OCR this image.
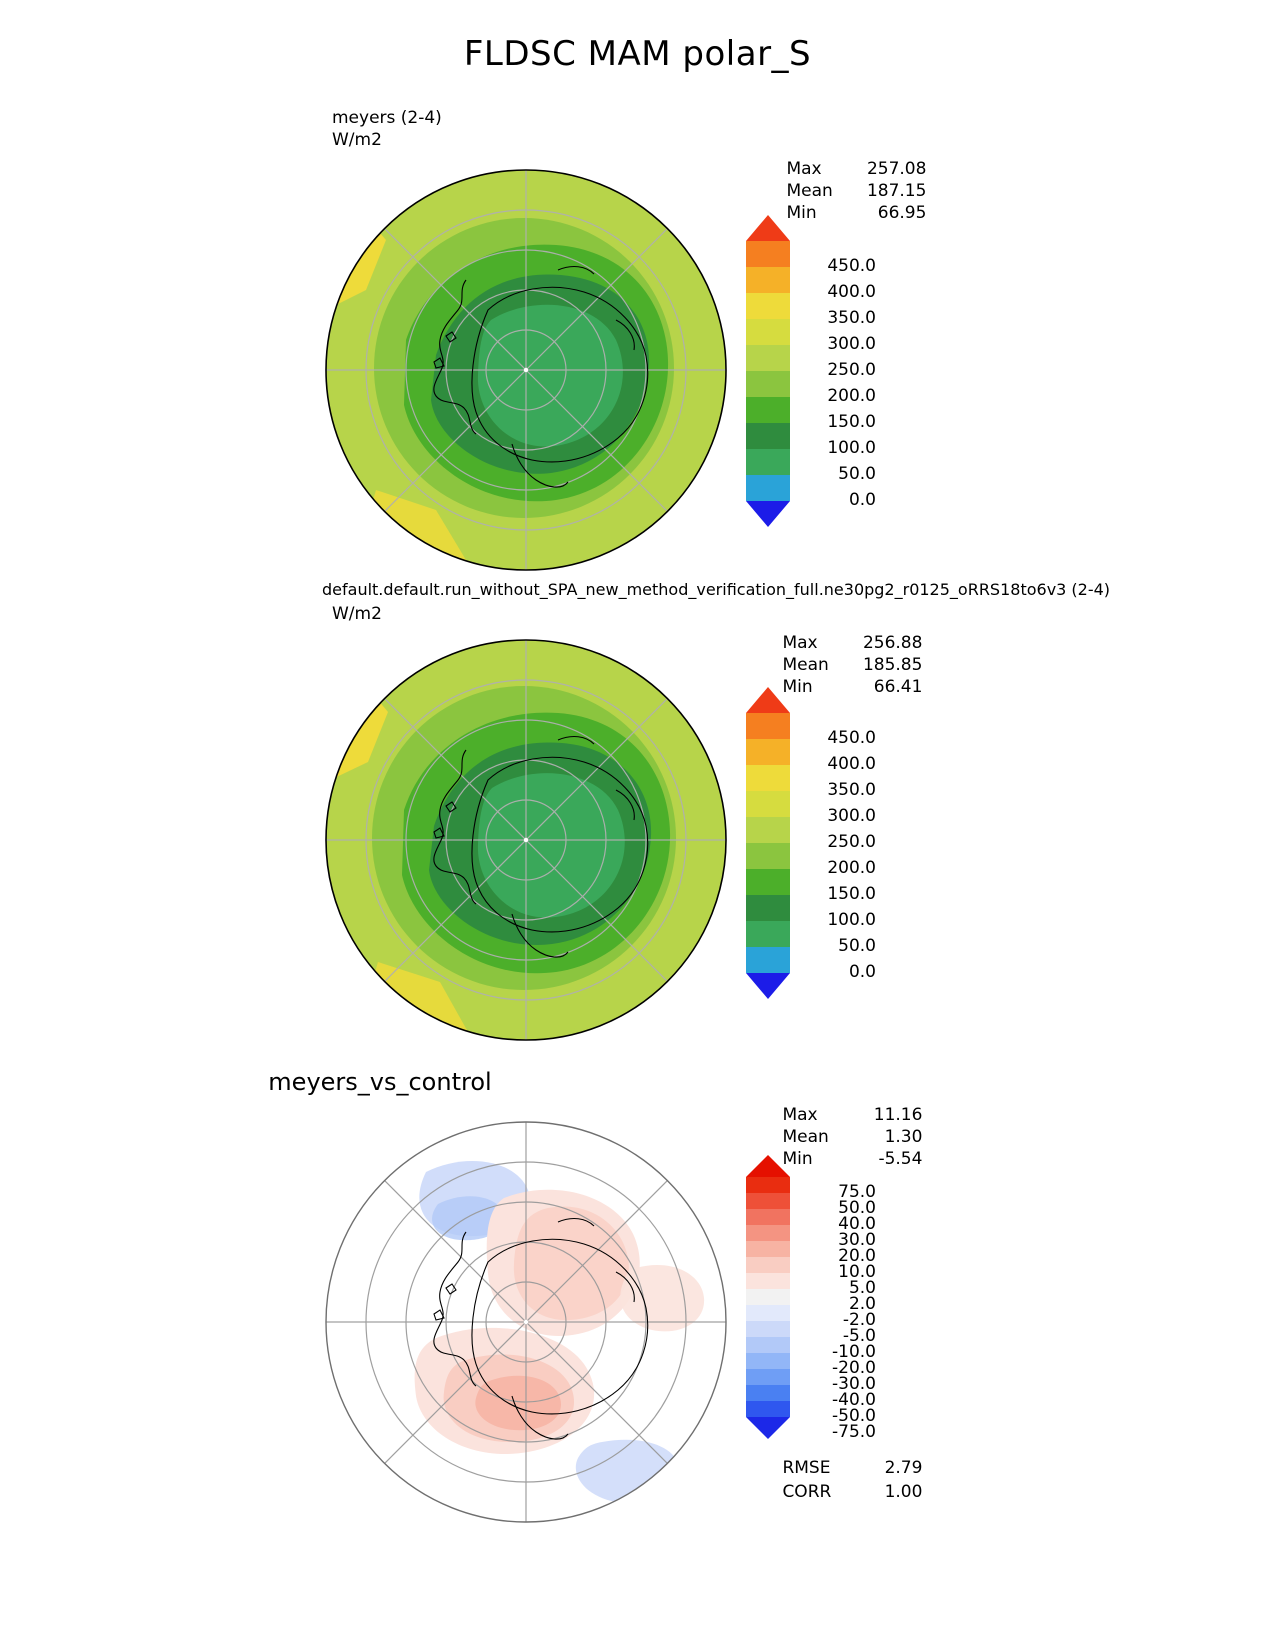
FLDSC MAM polar_S
meyers (2-4)
W/m2

Max	257.08

Mean 187.15

Min	66.95

450.0
400.0
350.0
300.0
250.0
200.0
150.0
100.0
50.0
0.0
default.default.run_without_SPA_new_method_verification_full.ne30pg2_r0125_oRRS18to6v3 (2-4)
W/m2

Max	256.88

Mean 185.85

Min	66.41

450.0
400.0
350.0
300.0
250.0
200.0
150.0
100.0
50.0
0.0
meyers_vs_control

Max	11.16

Mean	1.30

Min	-5.54

75.0
50.0
40.0
30.0
20.0
10.0
5.0
2.0
-2.0
-5.0
-10.0
-20.0
-30.0
-40.0
-50.0
-75.0

RMSE	2.79

CORR	1.00
